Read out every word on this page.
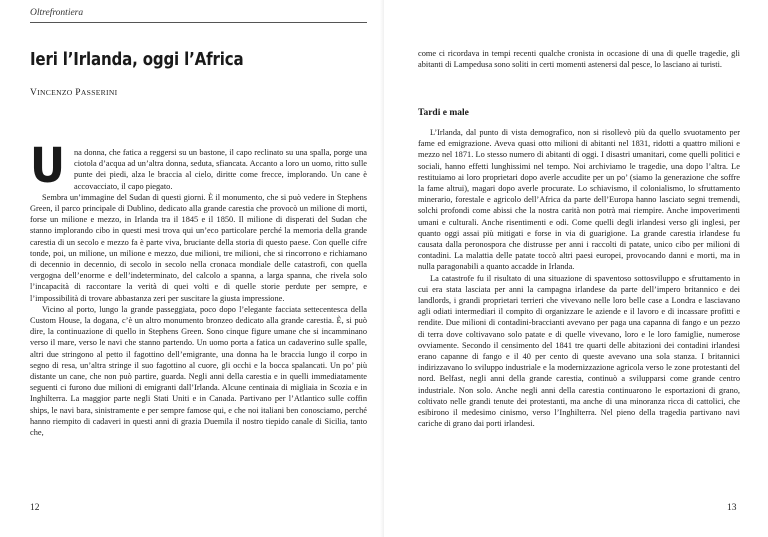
Oltrefrontiera
Ieri l’Irlanda, oggi l’Africa
VINCENZO PASSERINI

U na donna, che fatica a reggersi su un bastone, il capo reclinato su una spalla, porge una ciotola d’acqua ad un’altra donna, seduta, sfiancata. Accanto a loro un uomo, ritto sulle punte dei piedi, alza le braccia al cielo, diritte come frecce, implorando. Un cane è accovacciato, il capo piegato.

Sembra un’immagine del Sudan di questi giorni. È il monumento, che si può vedere in Stephens Green, il parco principale di Dublino, dedicato alla grande carestia che provocò un milione di morti, forse un milione e mezzo, in Irlanda tra il 1845 e il 1850. Il milione di disperati del Sudan che stanno implorando cibo in questi mesi trova qui un’eco particolare perché la memoria della grande carestia di un secolo e mezzo fa è parte viva, bruciante della storia di questo paese. Con quelle cifre tonde, poi, un milione, un milione e mezzo, due milioni, tre milioni, che si rincorrono e richiamano di decennio in decennio, di secolo in secolo nella cronaca mondiale delle catastrofi, con quella vergogna dell’enorme e dell’indeterminato, del calcolo a spanna, a larga spanna, che rivela solo l’incapacità di raccontare la verità di quei volti e di quelle storie perdute per sempre, e l’impossibilità di trovare abbastanza zeri per suscitare la giusta impressione.

Vicino al porto, lungo la grande passeggiata, poco dopo l’elegante facciata settecentesca della Custom House, la dogana, c’è un altro monumento bronzeo dedicato alla grande carestia. È, si può dire, la continuazione di quello in Stephens Green. Sono cinque figure umane che si incamminano verso il mare, verso le navi che stanno partendo. Un uomo porta a fatica un cadaverino sulle spalle, altri due stringono al petto il fagottino dell’emigrante, una donna ha le braccia lungo il corpo in segno di resa, un’altra stringe il suo fagottino al cuore, gli occhi e la bocca spalancati. Un po’ più distante un cane, che non può partire, guarda. Negli anni della carestia e in quelli immediatamente seguenti ci furono due milioni di emigranti dall’Irlanda. Alcune centinaia di migliaia in Scozia e in Inghilterra. La maggior parte negli Stati Uniti e in Canada. Partivano per l’Atlantico sulle coffin ships, le navi bara, sinistramente e per sempre famose qui, e che noi italiani ben conosciamo, perché hanno riempito di cadaveri in questi anni di grazia Duemila il nostro tiepido canale di Sicilia, tanto che,

12

come ci ricordava in tempi recenti qualche cronista in occasione di una di quelle tragedie, gli abitanti di Lampedusa sono soliti in certi momenti astenersi dal pesce, lo lasciano ai turisti.

Tardi e male

L’Irlanda, dal punto di vista demografico, non si risollevò più da quello svuotamento per fame ed emigrazione. Aveva quasi otto milioni di abitanti nel 1831, ridotti a quattro milioni e mezzo nel 1871. Lo stesso numero di abitanti di oggi. I disastri umanitari, come quelli politici e sociali, hanno effetti lunghissimi nel tempo. Noi archiviamo le tragedie, una dopo l’altra. Le restituiamo ai loro proprietari dopo averle accudite per un po’ (siamo la generazione che soffre la fame altrui), magari dopo averle procurate. Lo schiavismo, il colonialismo, lo sfruttamento minerario, forestale e agricolo dell’Africa da parte dell’Europa hanno lasciato segni tremendi, solchi profondi come abissi che la nostra carità non potrà mai riempire. Anche impoverimenti umani e culturali. Anche risentimenti e odi. Come quelli degli irlandesi verso gli inglesi, per quanto oggi assai più mitigati e forse in via di guarigione. La grande carestia irlandese fu causata dalla peronospora che distrusse per anni i raccolti di patate, unico cibo per milioni di contadini. La malattia delle patate toccò altri paesi europei, provocando danni e morti, ma in nulla paragonabili a quanto accadde in Irlanda.

La catastrofe fu il risultato di una situazione di spaventoso sottosviluppo e sfruttamento in cui era stata lasciata per anni la campagna irlandese da parte dell’impero britannico e dei landlords, i grandi proprietari terrieri che vivevano nelle loro belle case a Londra e lasciavano agli odiati intermediari il compito di organizzare le aziende e il lavoro e di incassare profitti e rendite. Due milioni di contadini-braccianti avevano per paga una capanna di fango e un pezzo di terra dove coltivavano solo patate e di quelle vivevano, loro e le loro famiglie, numerose ovviamente. Secondo il censimento del 1841 tre quarti delle abitazioni dei contadini irlandesi erano capanne di fango e il 40 per cento di queste avevano una sola stanza. I britannici indirizzavano lo sviluppo industriale e la modernizzazione agricola verso le zone protestanti del nord. Belfast, negli anni della grande carestia, continuò a svilupparsi come grande centro industriale. Non solo. Anche negli anni della carestia continuarono le esportazioni di grano, coltivato nelle grandi tenute dei protestanti, ma anche di una minoranza ricca di cattolici, che esibirono il medesimo cinismo, verso l’Inghilterra. Nel pieno della tragedia partivano navi cariche di grano dai porti irlandesi.

13
